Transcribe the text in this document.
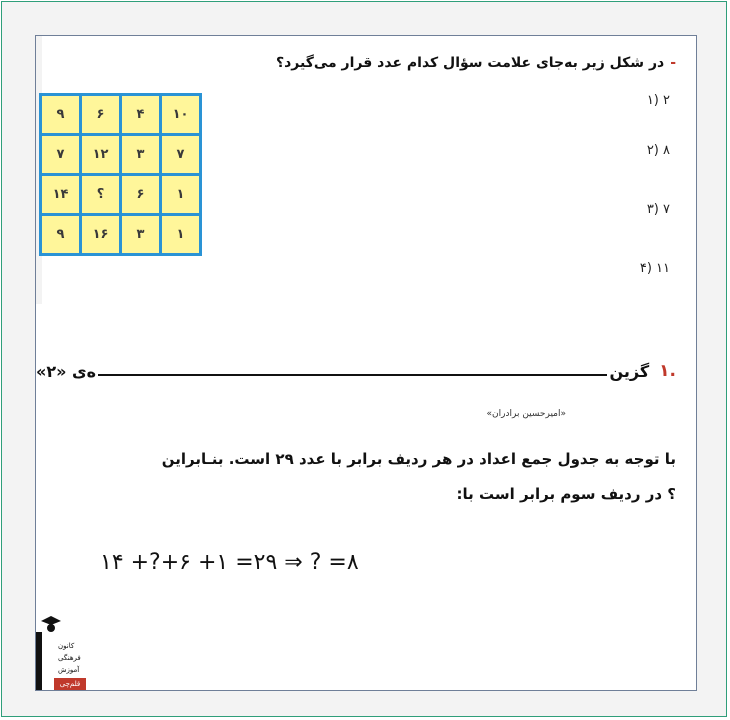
-در شکل زیر به‌جای علامت سؤال کدام عدد قرار می‌گیرد؟
۲ (۱
۸ (۲
۷ (۳
۱۱ (۴
۹	۶	۴	۱۰
۷	۱۲	۳	۷
۱۴	؟	۶	۱
۹	۱۶	۳	۱
.۱
گزین
ه‌ی «۲»
«امیرحسین برادران»
با توجه به جدول جمع اعداد در هر ردیف برابر با عدد ۲۹ است. بنـابراین
؟ در ردیف سوم برابر است با:
۱۴ +?+۶ +۱ =۲۹ ⇒ ? =۸
کانون
فرهنگی
آموزش
قلم‌چی
